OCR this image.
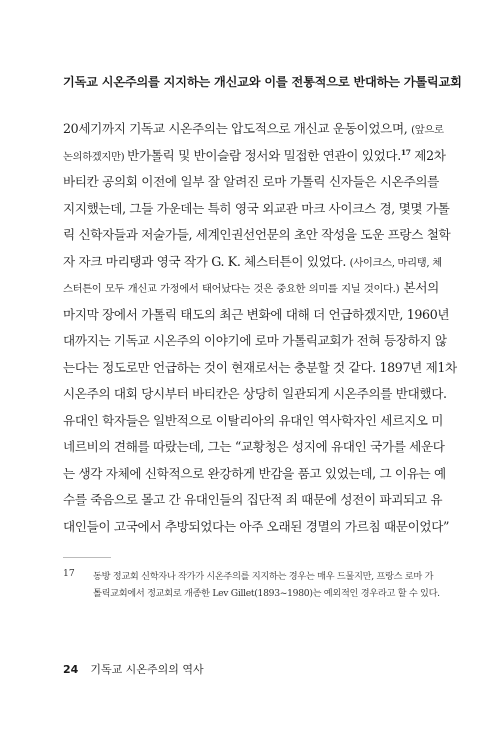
기독교 시온주의를 지지하는 개신교와 이를 전통적으로 반대하는 가톨릭교회
20세기까지 기독교 시온주의는 압도적으로 개신교 운동이었으며, (앞으로
논의하겠지만) 반가톨릭 및 반이슬람 정서와 밀접한 연관이 있었다.$^{17}$ 제2차
바티칸 공의회 이전에 일부 잘 알려진 로마 가톨릭 신자들은 시온주의를
지지했는데, 그들 가운데는 특히 영국 외교관 마크 사이크스 경, 몇몇 가톨
릭 신학자들과 저술가들, 세계인권선언문의 초안 작성을 도운 프랑스 철학
자 자크 마리탱과 영국 작가 G. K. 체스터튼이 있었다. (사이크스, 마리탱, 체
스터튼이 모두 개신교 가정에서 태어났다는 것은 중요한 의미를 지닐 것이다.) 본서의
마지막 장에서 가톨릭 태도의 최근 변화에 대해 더 언급하겠지만, 1960년
대까지는 기독교 시온주의 이야기에 로마 가톨릭교회가 전혀 등장하지 않
는다는 정도로만 언급하는 것이 현재로서는 충분할 것 같다. 1897년 제1차
시온주의 대회 당시부터 바티칸은 상당히 일관되게 시온주의를 반대했다.
유대인 학자들은 일반적으로 이탈리아의 유대인 역사학자인 세르지오 미
네르비의 견해를 따랐는데, 그는 “교황청은 성지에 유대인 국가를 세운다
는 생각 자체에 신학적으로 완강하게 반감을 품고 있었는데, 그 이유는 예
수를 죽음으로 몰고 간 유대인들의 집단적 죄 때문에 성전이 파괴되고 유
대인들이 고국에서 추방되었다는 아주 오래된 경멸의 가르침 때문이었다”
17 동방 정교회 신학자나 작가가 시온주의를 지지하는 경우는 매우 드물지만, 프랑스 로마 가
톨릭교회에서 정교회로 개종한 Lev Gillet(1893~1980)는 예외적인 경우라고 할 수 있다.
24 기독교 시온주의의 역사
